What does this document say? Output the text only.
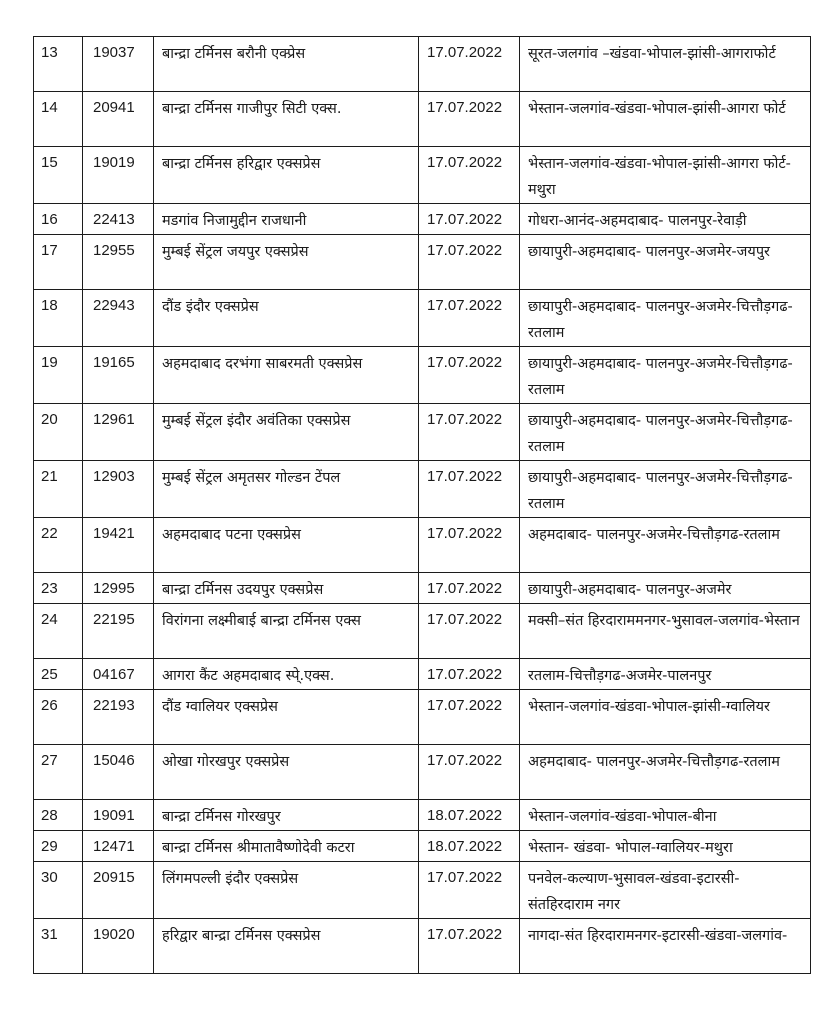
13	19037	बान्द्रा टर्मिनस बरौनी एक्प्रेस	17.07.2022	सूरत-जलगांव –खंडवा-भोपाल-झांसी-आगराफोर्ट
14	20941	बान्द्रा टर्मिनस गाजीपुर सिटी एक्स.	17.07.2022	भेस्तान-जलगांव-खंडवा-भोपाल-झांसी-आगरा फोर्ट
15	19019	बान्द्रा टर्मिनस हरिद्वार एक्सप्रेस	17.07.2022	भेस्तान-जलगांव-खंडवा-भोपाल-झांसी-आगरा फोर्ट-मथुरा
16	22413	मडगांव निजामुद्दीन राजधानी	17.07.2022	गोधरा-आनंद-अहमदाबाद- पालनपुर-रेवाड़ी
17	12955	मुम्बई सेंट्रल जयपुर एक्सप्रेस	17.07.2022	छायापुरी-अहमदाबाद- पालनपुर-अजमेर-जयपुर
18	22943	दौंड इंदौर एक्सप्रेस	17.07.2022	छायापुरी-अहमदाबाद- पालनपुर-अजमेर-चित्तौड़गढ-रतलाम
19	19165	अहमदाबाद दरभंगा साबरमती एक्सप्रेस	17.07.2022	छायापुरी-अहमदाबाद- पालनपुर-अजमेर-चित्तौड़गढ-रतलाम
20	12961	मुम्बई सेंट्रल इंदौर अवंतिका एक्सप्रेस	17.07.2022	छायापुरी-अहमदाबाद- पालनपुर-अजमेर-चित्तौड़गढ-रतलाम
21	12903	मुम्बई सेंट्रल अमृतसर गोल्डन टेंपल	17.07.2022	छायापुरी-अहमदाबाद- पालनपुर-अजमेर-चित्तौड़गढ-रतलाम
22	19421	अहमदाबाद पटना एक्सप्रेस	17.07.2022	अहमदाबाद- पालनपुर-अजमेर-चित्तौड़गढ-रतलाम
23	12995	बान्द्रा टर्मिनस उदयपुर एक्सप्रेस	17.07.2022	छायापुरी-अहमदाबाद- पालनपुर-अजमेर
24	22195	विरांगना लक्ष्मीबाई बान्द्रा टर्मिनस एक्स	17.07.2022	मक्सी–संत हिरदाराममनगर-भुसावल-जलगांव-भेस्तान
25	04167	आगरा कैंट अहमदाबाद स्पे्.एक्स.	17.07.2022	रतलाम-चित्तौड़गढ-अजमेर-पालनपुर
26	22193	दौंड ग्वालियर एक्सप्रेस	17.07.2022	भेस्तान-जलगांव-खंडवा-भोपाल-झांसी-ग्वालियर
27	15046	ओखा गोरखपुर एक्सप्रेस	17.07.2022	अहमदाबाद- पालनपुर-अजमेर-चित्तौड़गढ-रतलाम
28	19091	बान्द्रा टर्मिनस गोरखपुर	18.07.2022	भेस्तान-जलगांव-खंडवा-भोपाल-बीना
29	12471	बान्द्रा टर्मिनस श्रीमातावैष्णोदेवी कटरा	18.07.2022	भेस्तान- खंडवा- भोपाल-ग्वालियर-मथुरा
30	20915	लिंगमपल्ली इंदौर एक्सप्रेस	17.07.2022	पनवेल-कल्याण-भुसावल-खंडवा-इटारसी-संतहिरदाराम नगर
31	19020	हरिद्वार बान्द्रा टर्मिनस एक्सप्रेस	17.07.2022	नागदा-संत हिरदारामनगर-इटारसी-खंडवा-जलगांव-
